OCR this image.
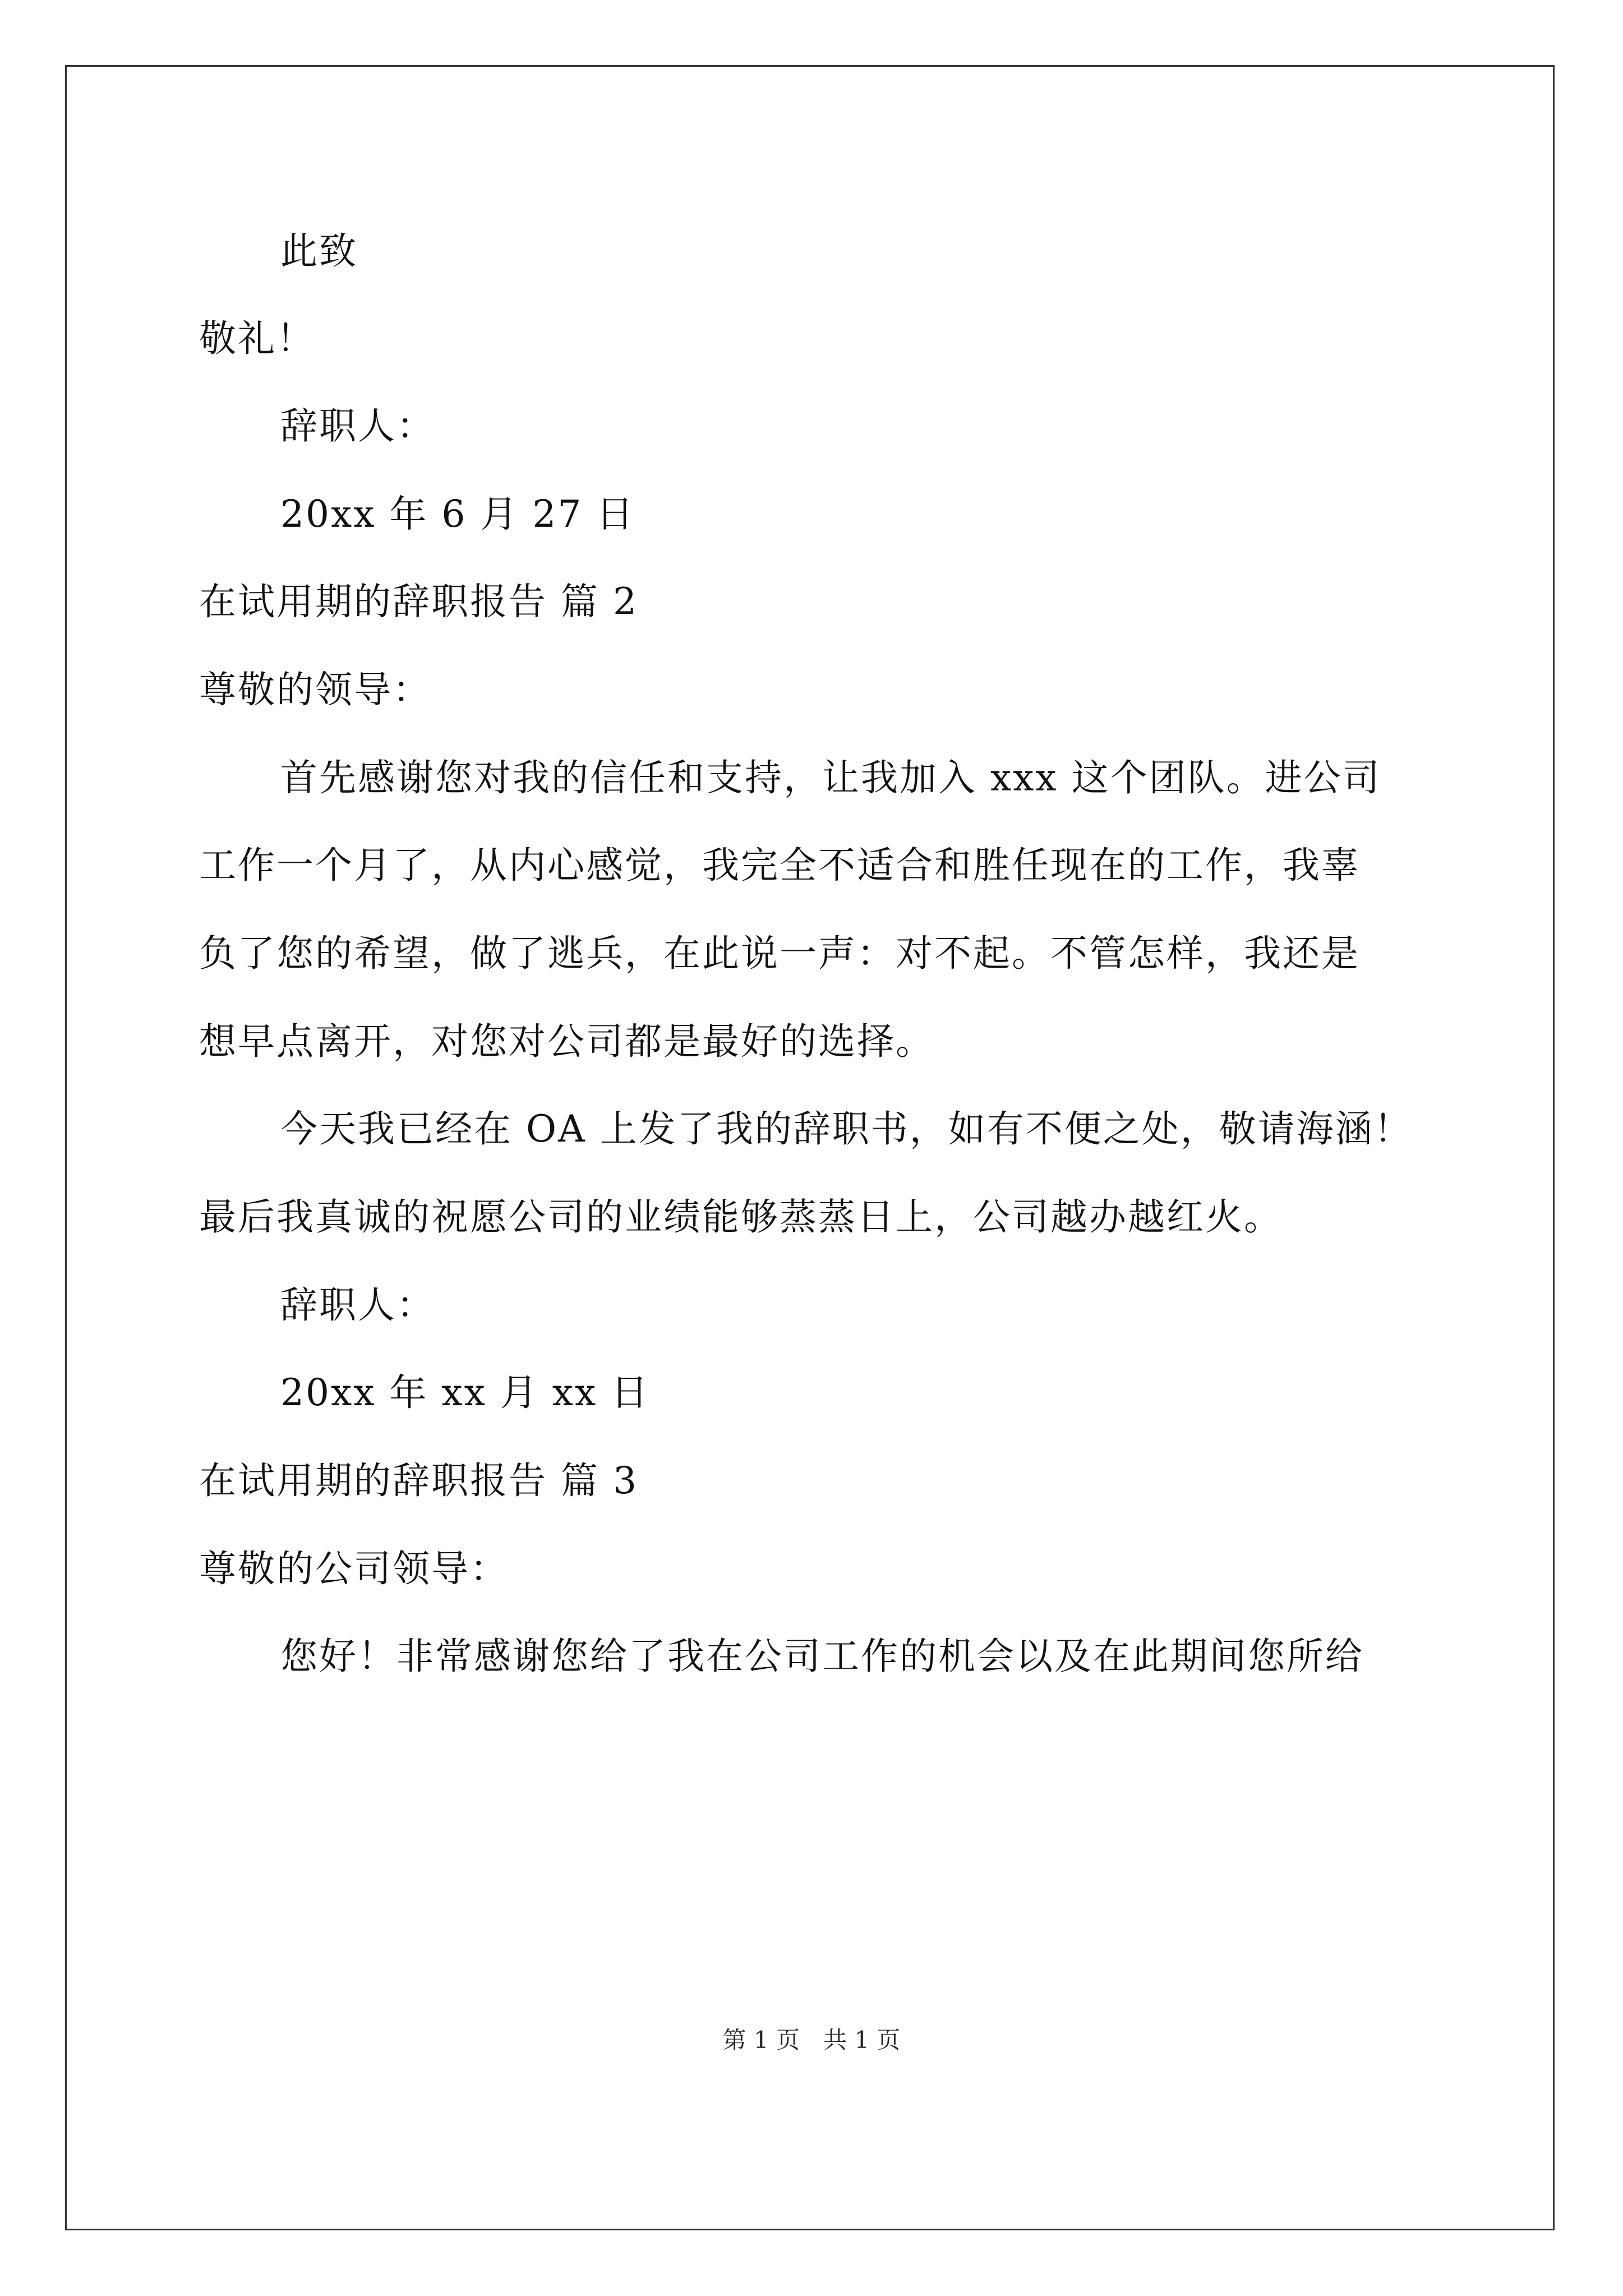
此致
敬礼！
辞职人：
20xx 年 6 月 27 日
在试用期的辞职报告 篇 2
尊敬的领导：
首先感谢您对我的信任和支持，让我加入 xxx 这个团队。进公司
工作一个月了，从内心感觉，我完全不适合和胜任现在的工作，我辜
负了您的希望，做了逃兵，在此说一声：对不起。不管怎样，我还是
想早点离开，对您对公司都是最好的选择。
今天我已经在 OA 上发了我的辞职书，如有不便之处，敬请海涵！
最后我真诚的祝愿公司的业绩能够蒸蒸日上，公司越办越红火。
辞职人：
20xx 年 xx 月 xx 日
在试用期的辞职报告 篇 3
尊敬的公司领导：
您好！非常感谢您给了我在公司工作的机会以及在此期间您所给
第 1 页　共 1 页
